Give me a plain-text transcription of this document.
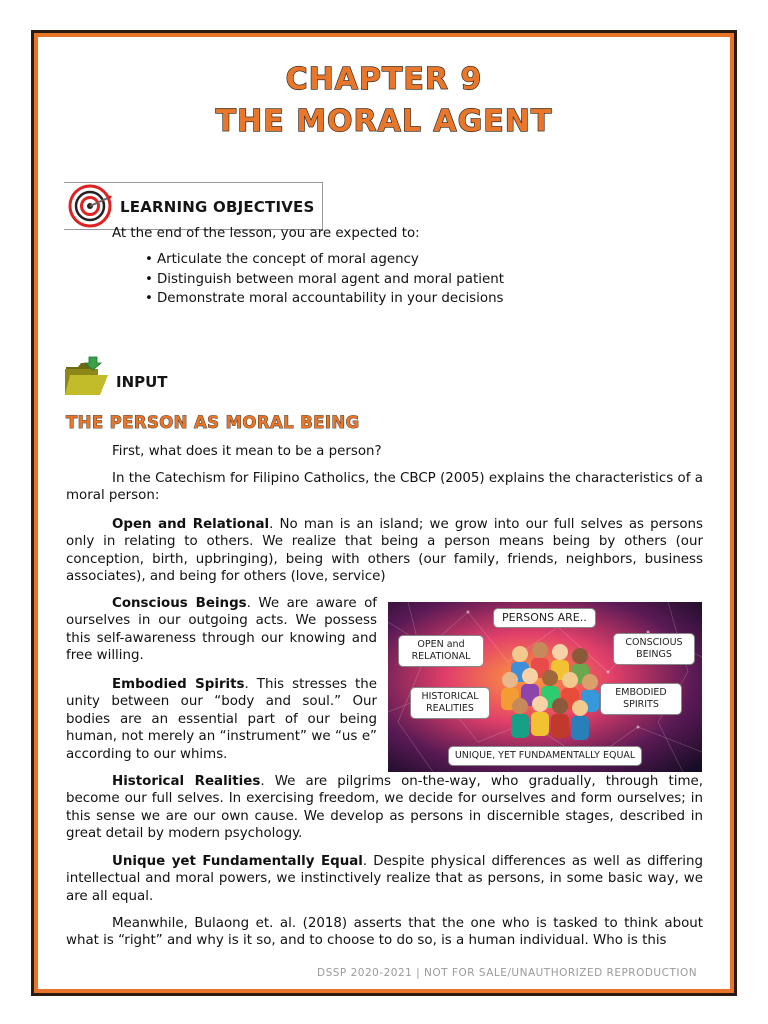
CHAPTER 9
THE MORAL AGENT
LEARNING OBJECTIVES
At the end of the lesson, you are expected to:
• Articulate the concept of moral agency
• Distinguish between moral agent and moral patient
• Demonstrate moral accountability in your decisions
INPUT
THE PERSON AS MORAL BEING

First, what does it mean to be a person?

In the Catechism for Filipino Catholics, the CBCP (2005) explains the characteristics of a moral person:

Open and Relational. No man is an island; we grow into our full selves as persons only in relating to others. We realize that being a person means being by others (our conception, birth, upbringing), being with others (our family, friends, neighbors, business associates), and being for others (love, service)

Conscious Beings. We are aware of ourselves in our outgoing acts. We possess this self-awareness through our knowing and free willing.

Embodied Spirits. This stresses the unity between our “body and soul.” Our bodies are an essential part of our being human, not merely an “instrument” we “us e” according to our whims.

Historical Realities. We are pilgrims on-the-way, who gradually, through time, become our full selves. In exercising freedom, we decide for ourselves and form ourselves; in this sense we are our own cause. We develop as persons in discernible stages, described in great detail by modern psychology.

Unique yet Fundamentally Equal. Despite physical differences as well as differing intellectual and moral powers, we instinctively realize that as persons, in some basic way, we are all equal.

Meanwhile, Bulaong et. al. (2018) asserts that the one who is tasked to think about what is “right” and why is it so, and to choose to do so, is a human individual. Who is this

PERSONS ARE..
OPEN and RELATIONAL
CONSCIOUS BEINGS
HISTORICAL REALITIES
EMBODIED SPIRITS
UNIQUE, YET FUNDAMENTALLY EQUAL
DSSP 2020-2021 | NOT FOR SALE/UNAUTHORIZED REPRODUCTION
